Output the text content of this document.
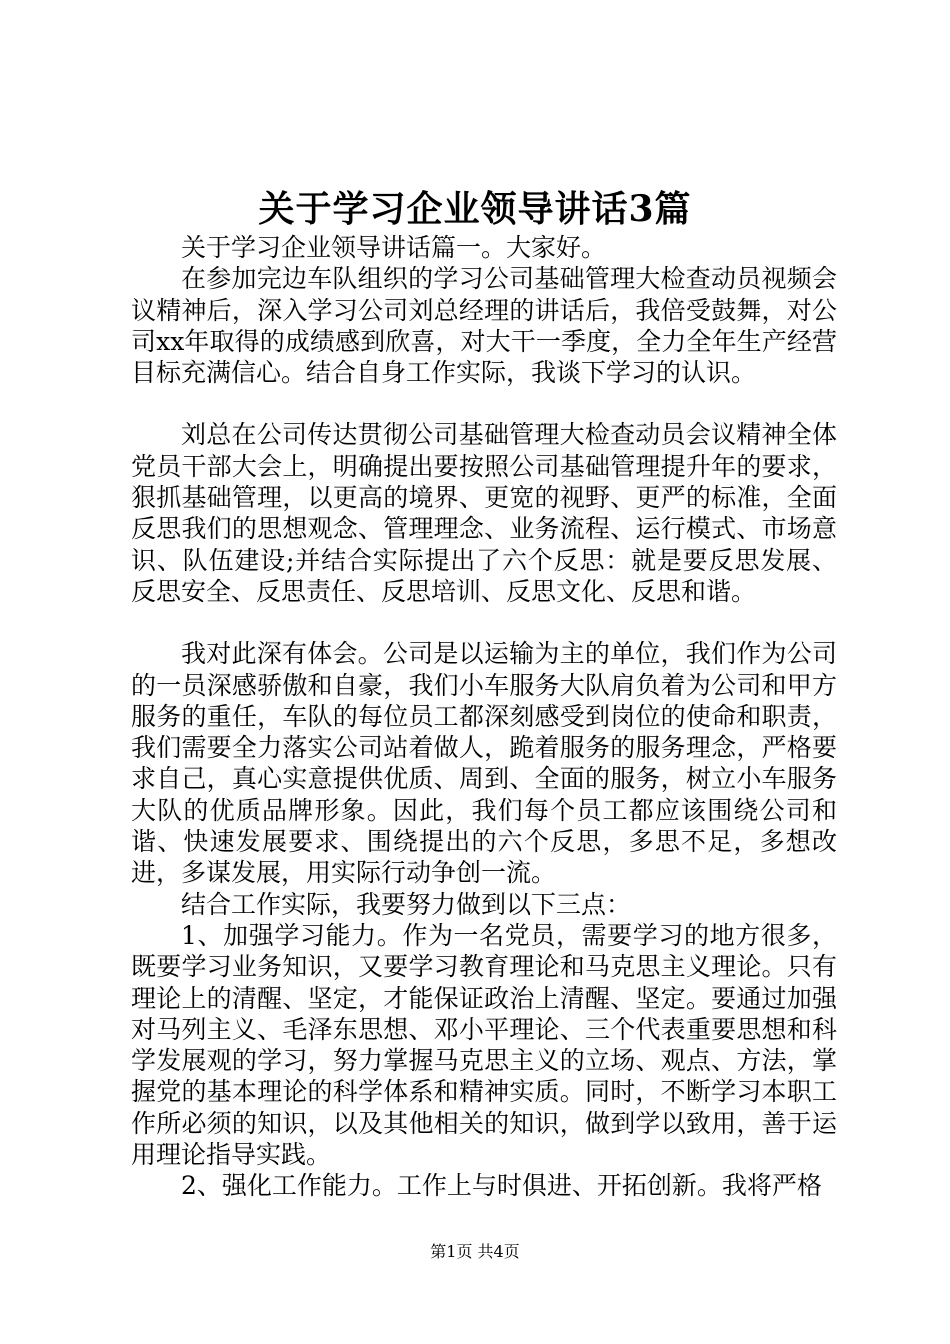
关于学习企业领导讲话3篇

关于学习企业领导讲话篇一。大家好。

在参加完边车队组织的学习公司基础管理大检查动员视频会议精神后，深入学习公司刘总经理的讲话后，我倍受鼓舞，对公司xx年取得的成绩感到欣喜，对大干一季度，全力全年生产经营目标充满信心。结合自身工作实际，我谈下学习的认识。

刘总在公司传达贯彻公司基础管理大检查动员会议精神全体党员干部大会上，明确提出要按照公司基础管理提升年的要求，狠抓基础管理，以更高的境界、更宽的视野、更严的标准，全面反思我们的思想观念、管理理念、业务流程、运行模式、市场意识、队伍建设;并结合实际提出了六个反思：就是要反思发展、反思安全、反思责任、反思培训、反思文化、反思和谐。

我对此深有体会。公司是以运输为主的单位，我们作为公司的一员深感骄傲和自豪，我们小车服务大队肩负着为公司和甲方服务的重任，车队的每位员工都深刻感受到岗位的使命和职责，我们需要全力落实公司站着做人，跪着服务的服务理念，严格要求自己，真心实意提供优质、周到、全面的服务，树立小车服务大队的优质品牌形象。因此，我们每个员工都应该围绕公司和谐、快速发展要求、围绕提出的六个反思，多思不足，多想改进，多谋发展，用实际行动争创一流。

结合工作实际，我要努力做到以下三点：

1、加强学习能力。作为一名党员，需要学习的地方很多，既要学习业务知识，又要学习教育理论和马克思主义理论。只有理论上的清醒、坚定，才能保证政治上清醒、坚定。要通过加强对马列主义、毛泽东思想、邓小平理论、三个代表重要思想和科学发展观的学习，努力掌握马克思主义的立场、观点、方法，掌握党的基本理论的科学体系和精神实质。同时，不断学习本职工作所必须的知识，以及其他相关的知识，做到学以致用，善于运用理论指导实践。

2、强化工作能力。工作上与时俱进、开拓创新。我将严格

第1页 共4页
